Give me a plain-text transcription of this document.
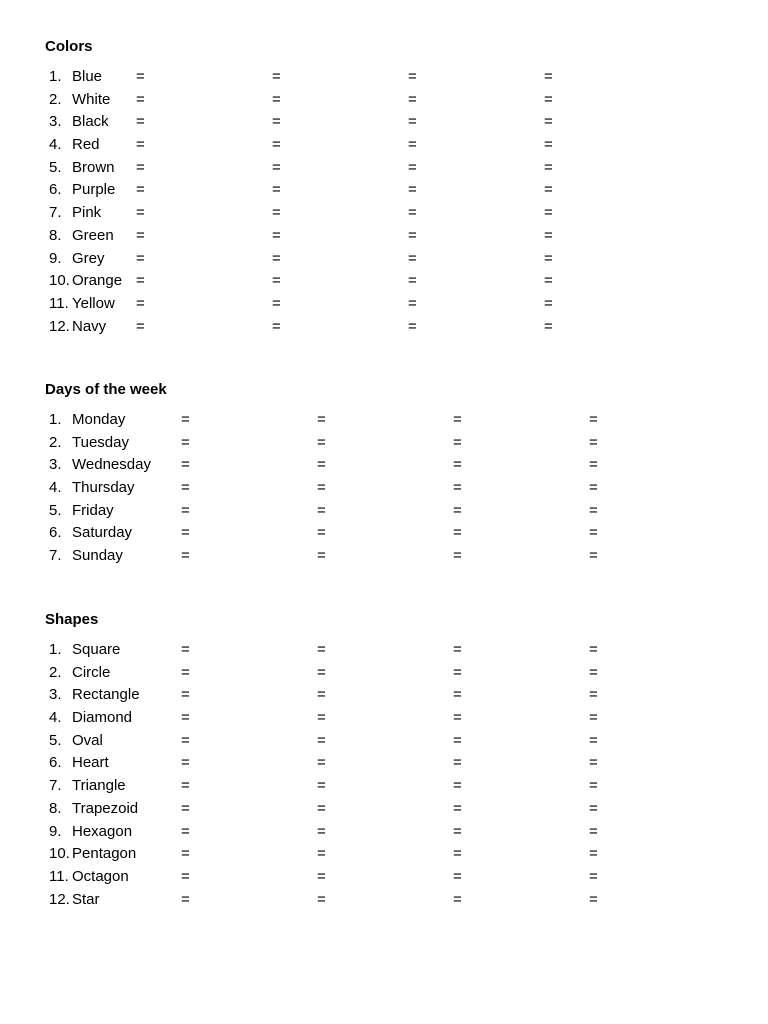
Colors
1. Blue =	=	=	=
2. White =	=	=	=
3. Black =	=	=	=
4. Red =	=	=	=
5. Brown =	=	=	=
6. Purple =	=	=	=
7. Pink =	=	=	=
8. Green =	=	=	=
9. Grey =	=	=	=
10. Orange =	=	=	=
11. Yellow =	=	=	=
12. Navy =	=	=	=
Days of the week
1. Monday	=	=	=	=
2. Tuesday	=	=	=	=
3. Wednesday =	=	=	=
4. Thursday	=	=	=	=
5. Friday	=	=	=	=
6. Saturday	=	=	=	=
7. Sunday	=	=	=	=
Shapes
1. Square	=	=	=	=
2. Circle	=	=	=	=
3. Rectangle	=	=	=	=
4. Diamond	=	=	=	=
5. Oval	=	=	=	=
6. Heart	=	=	=	=
7. Triangle	=	=	=	=
8. Trapezoid	=	=	=	=
9. Hexagon	=	=	=	=
10. Pentagon	=	=	=	=
11. Octagon	=	=	=	=
12. Star	=	=	=	=
